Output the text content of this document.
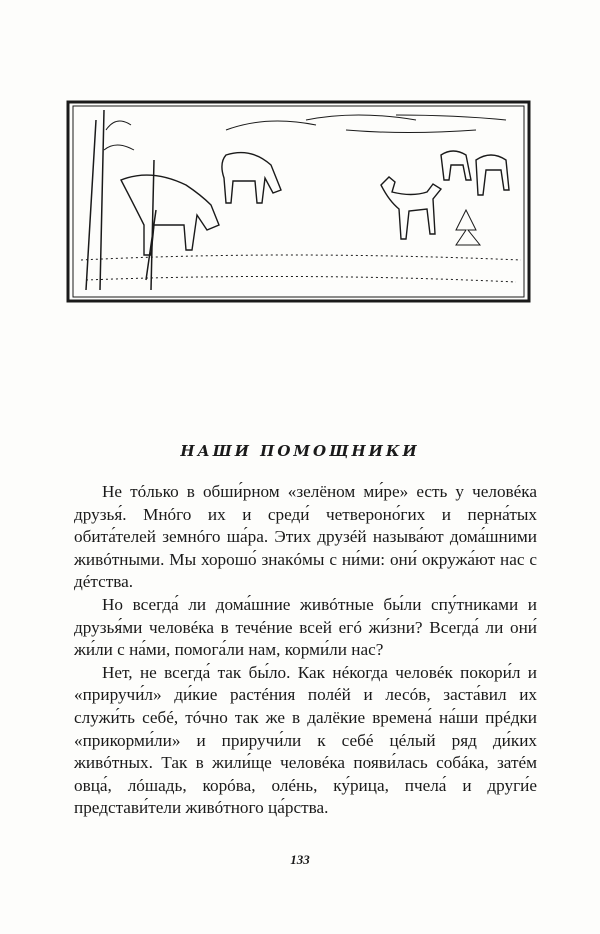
НАШИ ПОМОЩНИКИ

Не тóлько в обши́рном «зелёном ми́ре» есть у человéка друзья́. Мнóго их и среди́ четвероно́гих и перна́тых обита́телей земнóго ша́ра. Этих друзéй называ́ют дома́шними живóтными. Мы хорошо́ знакóмы с ни́ми: они́ окружа́ют нас с дéтства.

Но всегда́ ли дома́шние живóтные бы́ли спу́тниками и друзья́ми человéка в течéние всей егó жи́зни? Всегда́ ли они́ жи́ли с на́ми, помога́ли нам, корми́ли нас?

Нет, не всегда́ так бы́ло. Как нéкогда человéк покори́л и «приручи́л» ди́кие растéния полéй и лесóв, заста́вил их служи́ть себé, тóчно так же в далёкие времена́ на́ши прéдки «прикорми́ли» и приручи́ли к себé цéлый ряд ди́ких живóтных. Так в жили́ще человéка появи́лась собáка, затéм овца́, лóшадь, корóва, олéнь, ку́рица, пчела́ и други́е представи́тели живóтного ца́рства.

133
